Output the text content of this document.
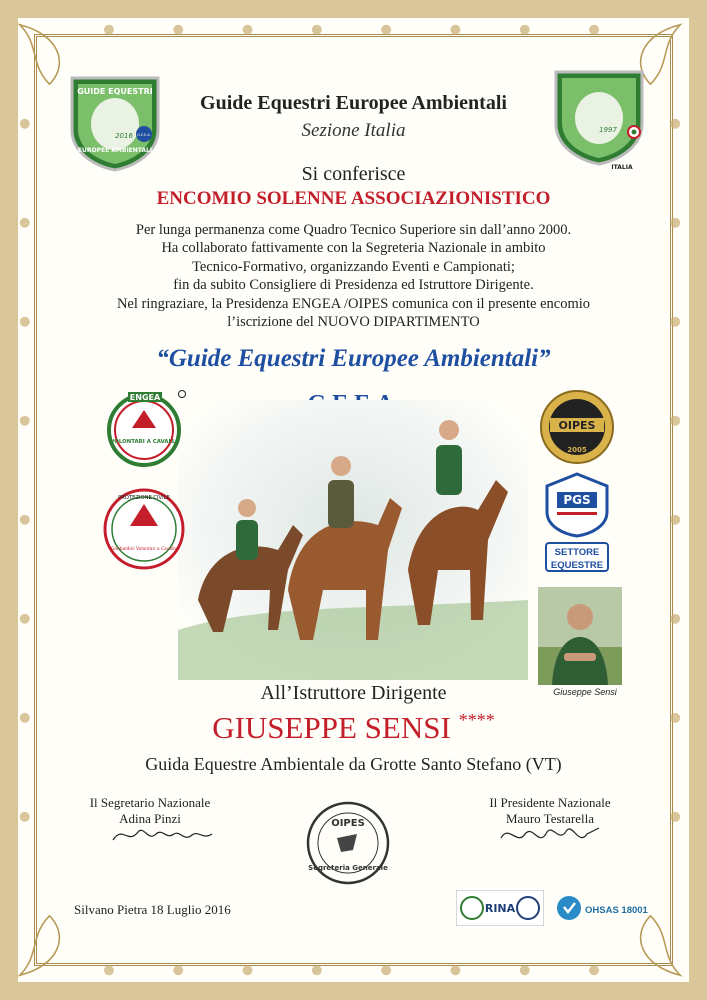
GUIDE EQUESTRI
EUROPEE AMBIENTALI
2016 G.E.E.A.
1997
ITALIA
Guide Equestri Europee Ambientali
Sezione Italia
Si conferisce
ENCOMIO SOLENNE ASSOCIAZIONISTICO
Per lunga permanenza come Quadro Tecnico Superiore sin dall’anno 2000.
Ha collaborato fattivamente con la Segreteria Nazionale in ambito
Tecnico-Formativo, organizzando Eventi e Campionati;
fin da subito Consigliere di Presidenza ed Istruttore Dirigente.
Nel ringraziare, la Presidenza ENGEA /OIPES comunica con il presente encomio
l’iscrizione del NUOVO DIPARTIMENTO
“Guide Equestri Europee Ambientali”
ENGEA
VOLONTARI A CAVALLO
PROTEZIONE CIVILE
Garibaldini Volontari a Cavallo
OIPES
2005
PGS
SETTORE
EQUESTRE
Giuseppe Sensi
All’Istruttore Dirigente
GIUSEPPE SENSI ****
Guida Equestre Ambientale da Grotte Santo Stefano (VT)
Il Segretario Nazionale
Adina Pinzi
Il Presidente Nazionale
Mauro Testarella
OIPES
Segreteria Generale
Silvano Pietra 18 Luglio 2016	RINA	OHSAS 18001
